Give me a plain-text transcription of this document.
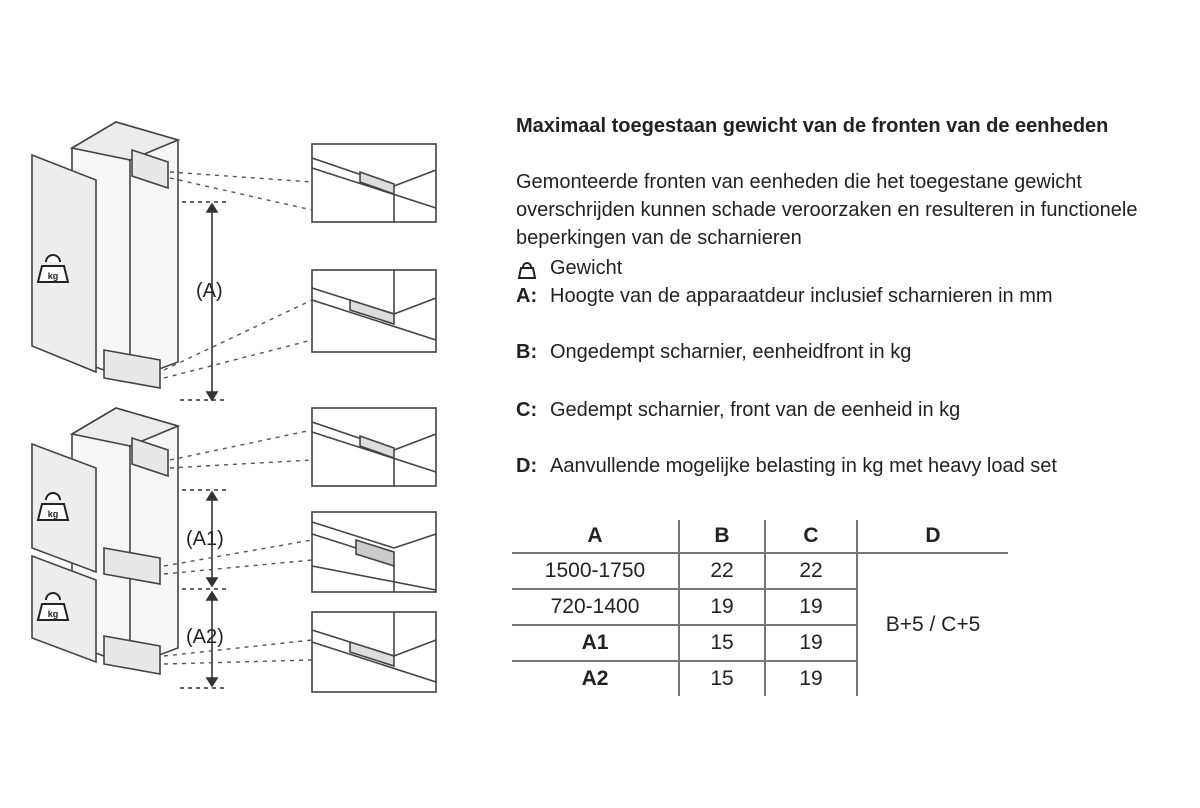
kg
(A)
kg
kg
(A1)
(A2)
Maximaal toegestaan gewicht van de fronten van de eenheden
Gemonteerde fronten van eenheden die het toegestane gewicht overschrijden kunnen schade veroorzaken en resulteren in functionele beperkingen van de scharnieren
Gewicht
A: Hoogte van de apparaatdeur inclusief scharnieren in mm
B: Ongedempt scharnier, eenheidfront in kg
C: Gedempt scharnier, front van de eenheid in kg
D: Aanvullende mogelijke belasting in kg met heavy load set
A	B	C	D
1500-1750	22	22	B+5 / C+5
720-1400	19	19	
A1	15	19	
A2	15	19	
